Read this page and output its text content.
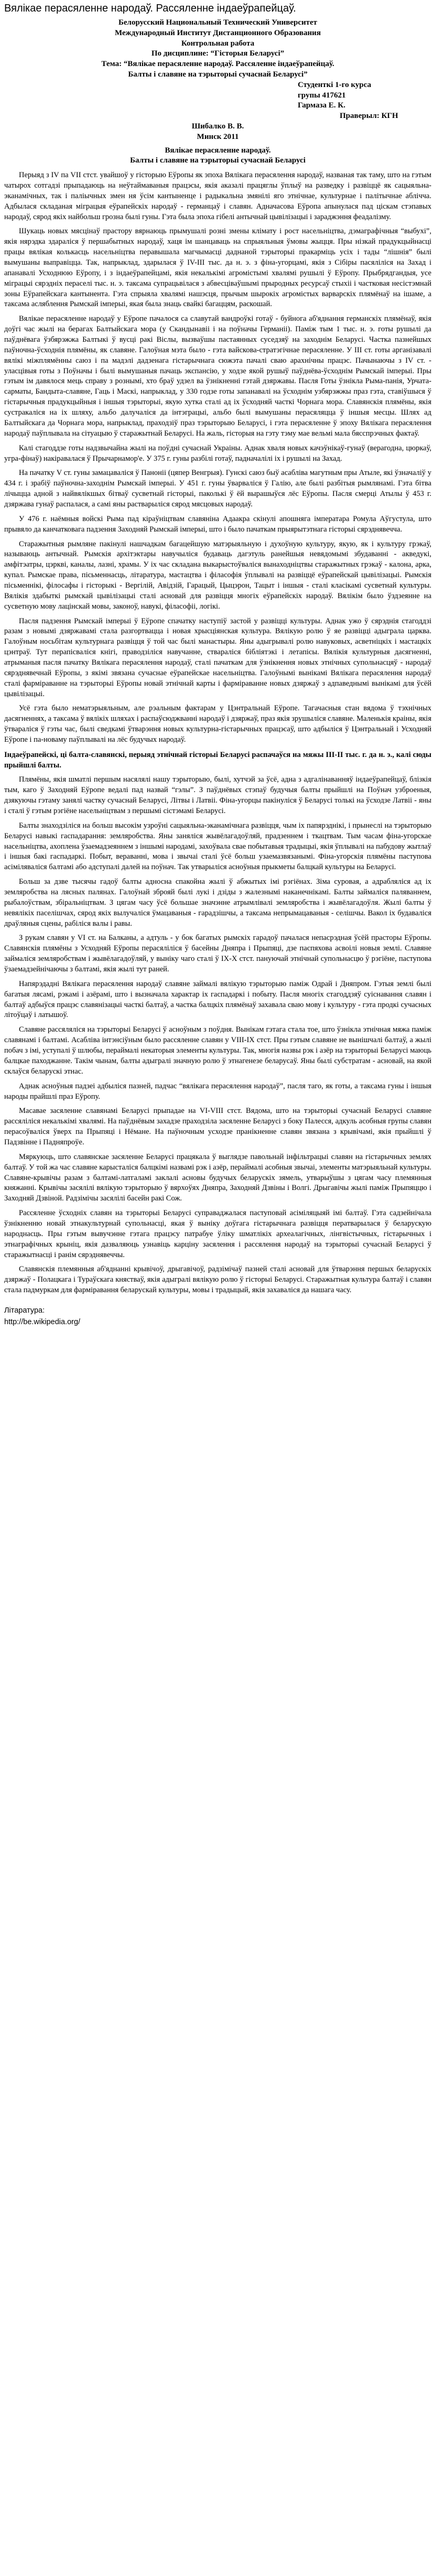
Вялікае перасяленне народаў. Рассяленне індаеўрапейцаў.
Белорусский Национальный Технический Университет
Международный Институт Дистанционного Образования
Контрольная работа
По дисциплине: “Гісторыя Беларусі”
Тема: “Вялікае перасяленне народаў. Рассяленне індаеўрапейцаў.
Балты і славяне на тэрыторыі сучаснай Беларусі”
Студенткі 1-го курса
групы 417621
Гармаза Е. К.
Праверыл: КГН
Шибалко В. В.
Минск 2011
Вялікае перасяленне народаў.
Балты і славяне на тэрыторыі сучаснай Беларусі

Перыяд з IV па VII стст. увайшоў у гісторыю Еўропы як эпоха Вялікага перасялення народаў, названая так таму, што на гэтым чатырох сотгадзі прыпадаюць на неўтаймаваныя працэсы, якія аказалі працяглы ўплыў на разведку і развіццё як сацыяльна-эканамічных, так і паліычных змен ня ўсім кантыненце і радыкальна змянілі яго этнічнае, культурнае і палітычнае аблічча. Адбылася складаная міграцыя еўрапейскіх народаў - германцаў і славян. Адначасова Еўропа апынулася пад ціскам стэпавых народаў, сярод якіх найбольш грозна былі гуны. Гэта была эпоха гібелі антычнай цывілізацыі і зараджэння феадалізму.

Шукаць новых мясцінаў прастору вярнаюць прымушалі розні змены клімату і рост насельніцтва, дэмаграфічныя “выбухі”, якія нярэдка здараліся ў першабытных народаў, хаця ім шанцаваць на спрыяльныя ўмовы жыцця. Пры нізкай прадукцыйнасці працы вялікая колькасць насельніцтва перавышала магчымасці даднаной тэрыторыі пракарміць усіх і тады “лішнія” былі вымушаны выправіцца. Так, напрыклад, здарылася ў IV-III тыс. да н. э. з фіна-угорцамі, якія з Сібіры пасяліліся на Захад і апанавалі Усходнюю Еўропу, і з індаеўрапейцамі, якія некалькімі агромістымі хвалямі рушылі ў Еўропу. Прыбрядгандыя, усе міграцыі сярэдніх пераселі тыс. н. э. таксама супрацьвілася з абвесціваўшымі прыродных ресурсаў стыхіі і частковая несістэмнай зоны Еўрапейскага кантынента. Гэта спрыяла хвалямі нашэсця, прычым шырокіх агромістых варварскіх плямёнаў на ішаме, а таксама асляблення Рымскай імперыі, якая была знаць свайкі багаццям, раскошай.

Вялікае перасяленне народаў у Еўропе пачалося са славутай вандроўкі готаў - буйнога аб'яднання германскіх плямёнаў, якія доўгі час жылі на берагах Балтыйскага мора (у Скандынавіі і на поўначы Германіі). Паміж тым 1 тыс. н. э. готы рушылі да паўднёвага ўзбярэжжа Балтыкі ў вусці ракі Віслы, вызваўшы пастаянных суседзяў на заходнім Беларусі. Частка пазнейшых паўночна-ўсходнія плямёны, як славяне. Галоўная мэта было - гэта вайскова-стратэгічнае перасяленне. У III ст. готы арганізавалі вялікі міжплямённы саюз і па мадэлі дадзенага гістарычнага сюжэта пачалі сваю арахнічны працэс. Пачынаючы з IV ст. - уласцівыя готы з Поўначы і былі вымушаныя пачаць экспансію, у ходзе якой рушыў паўднёва-ўсходнім Рымскай імперыі. Пры гэтым ім давялося мець справу з рознымі, хто браў удзел ва ўзнікненні гэтай дзяржавы. Пасля Готы ўзнікла Рыма-панія, Урчата-сарматы, Бандыта-славяне, Гаць і Маскі, напрыклад, у 330 годзе готы запанавалі на ўсходнім узбярэжжы праз гэта, ставіўшыся ў гістарычныя прадукцыйныя і іншыя тэрыторыі, якую хутка сталі ад іх ўсходняй часткі Чорнага мора. Славянскія плямёны, якія сустракаліся на іх шляху, альбо далучаліся да інтэграцыі, альбо былі вымушаны перасяляцца ў іншыя месцы. Шлях ад Балтыйскага да Чорнага мора, напрыклад, праходзіў праз тэрыторыю Беларусі, і гэта перасяленне ў эпоху Вялікага перасялення народаў паўплывала на сітуацыю ў старажытнай Беларусі. На жаль, гісторыя на гэту тэму мае вельмі мала бясспрэчных фактаў.

Калі стагоддзе готы надзвычайна жылі на поўдні сучаснай Украіны. Аднак хваля новых качэўнікаў-гунаў (верагодна, цюркаў, угра-фінаў) накіравалася ў Прычарнамор'е. У 375 г. гуны разбілі готаў, падначалілі іх і рушылі на Захад.

На пачатку V ст. гуны замацаваліся ў Паноніі (цяпер Венгрыя). Гунскі саюз быў асабліва магутным пры Атыле, які ўзначаліў у 434 г. і зрабіў паўночна-заходнім Рымскай імперыі. У 451 г. гуны ўварваліся ў Галію, але былі разбітыя рымлянамі. Гэта бітва лічыцца адной з найвялікшых бітваў сусветнай гісторыі, паколькі ў ёй вырашыўся лёс Еўропы. Пасля смерці Атылы ў 453 г. дзяржава гунаў распалася, а самі яны растварыліся сярод мясцовых народаў.

У 476 г. наёмныя войскі Рыма пад кіраўніцтвам славяніна Адаакра скінулі апошняга імператара Ромула Аўгустула, што прывяло да канчатковага падзення Заходняй Рымскай імперыі, што і было пачаткам прыярытэтнага гісторыі сярэднявечча.

Старажытныя рымляне пакінулі нашчадкам багацейшую матэрыяльную і духоўную культуру, якую, як і культуру грэкаў, называюць антычнай. Рымскія архітэктары навучыліся будаваць дагэтуль ранейшыя невядомымі збудаванні - акведукі, амфітэатры, цэркві, каналы, лазні, храмы. У іх час складана выкарыстоўваліся вынаходніцтвы старажытных грэкаў - калона, арка, купал. Рымскае права, пісьменнасць, літаратура, мастацтва і філасофія ўплывалі на развіццё еўрапейскай цывілізацыі. Рымскія пісьменнікі, філосафы і гісторыкі - Вергілій, Авідзій, Гарацый, Цыцэрон, Тацыт і іншыя - сталі класікамі сусветнай культуры. Вялікія здабыткі рымскай цывілізацыі сталі асновай для развіцця многіх еўрапейскіх народаў. Вялікім было ўздзеянне на сусветную мову лацінскай мовы, законоў, навукі, філасофіі, логікі.

Пасля падзення Рымскай імперыі ў Еўропе спачатку наступіў застой у развіцці культуры. Аднак ужо ў сярэднія стагоддзі разам з новымі дзяржавамі стала разгортвацца і новая хрысціянская культура. Вялікую ролю ў яе развіцці адыграла царква. Галоўным носьбітам культурнага развіцця ў той час былі манастыры. Яны адыгрывалі ролю навуковых, асветніцкіх і мастацкіх цэнтраў. Тут перапісваліся кнігі, праводзіліся навучанне, ствараліся бібліятэкі і летапісы. Вялікія культурныя дасягненні, атрыманыя пасля пачатку Вялікага перасялення народаў, сталі пачаткам для ўзнікнення новых этнічных супольнасцяў - народаў сярэднявечнай Еўропы, з якімі звязана сучаснае еўрапейскае насельніцтва. Галоўнымі вынікамі Вялікага перасялення народаў сталі фарміраванне на тэрыторыі Еўропы новай этнічнай карты і фарміраванне новых дзяржаў з адпаведнымі вынікамі для ўсёй цывілізацыі.

Усё гэта было нематэрыяльным, але рэальным фактарам у Цэнтральнай Еўропе. Тагачасныя стан вядома ў тэхнічных дасягненнях, а таксама ў вялікіх шляхах і распаўсюджванні народаў і дзяржаў, праз якія зрушыліся славяне. Маленькія краіны, якія ўтвараліся ў гэты час, былі сведкамі ўтварэння новых культурна-гістарычных працэсаў, што адбыліся ў Цэнтральнай і Усходняй Еўропе і па-новаму паўплывалі на лёс будучых народаў.

Індаеўрапейскі, ці балта-славянскі, перыяд этнічнай гісторыі Беларусі распачаўся на мяжы III-II тыс. г. да н. э., калі сюды прыйшлі балты.

Плямёны, якія шматлі першым насялялі нашу тэрыторыю, былі, хутчэй за ўсё, адна з адгалінаванняў індаеўрапейцаў, блізкія тым, каго ў Заходняй Еўропе ведалі пад назвай “гэлы”. З паўднёвых стэпаў будучыя балты прыйшлі на Поўнач узброеныя, дзякуючы гэтаму занялі частку сучаснай Беларусі, Літвы і Латвіі. Фіна-угорцы пакінуліся ў Беларусі толькі на ўсходзе Латвіі - яны і сталі ў гэтым рэгіёне насельніцтвам з першымі сістэмамі Беларусі.

Балты знаходзіліся на больш высокім узроўні сацыяльна-эканамічнага развіцця, чым іх папярэднікі, і прынеслі на тэрыторыю Беларусі навыкі гаспадарання: земляробства. Яны заняліся жывёлагадоўляй, прадзеннем і ткацтвам. Тым часам фіна-угорскае насельніцтва, ахоплена ўзаемадзеяннем з іншымі народамі, захоўвала свае побытавыя традыцыі, якія ўплывалі на пабудову жытлаў і іншыя бакі гаспадаркі. Побыт, вераванні, мова і звычаі сталі ўсё больш узаемазвязанымі. Фіна-угорскія плямёны паступова асіміляваліся балтамі або адступалі далей на поўнач. Так утварыліся асноўныя прыкметы балцкай культуры на Беларусі.

Больш за дзве тысячы гадоў балты адносна спакойна жылі ў абжытых імі рэгіёнах. Зіма суровая, а адрабляліся ад іх земляробства на лясных палянах. Галоўнай зброяй былі лукі і дзіды з жалезнымі наканечнікамі. Балты займаліся паляваннем, рыбалоўствам, збіральніцтвам. З цягам часу ўсё большае значэнне атрымлівалі земляробства і жывёлагадоўля. Жылі балты ў невялікіх паселішчах, сярод якіх вылучаліся ўмацаваныя - гарадзішчы, а таксама непрымацаваныя - селішчы. Вакол іх будаваліся драўляныя сцены, рабіліся валы і равы.

З рукам славян у VI ст. на Балканы, а адтуль - у бок багатых рымскіх гарадоў пачалася непасрэдная ўсёй прасторы Еўропы. Славянскія плямёны з Усходняй Еўропы перасяліліся ў басейны Дняпра і Прыпяці, дзе паспяхова асвоілі новыя землі. Славяне займаліся земляробствам і жывёлагадоўляй, у выніку чаго сталі ў IX-X стст. пануючай этнічнай супольнасцю ў рэгіёне, паступова ўзаемадзейнічаючы з балтамі, якія жылі тут раней.

Напярэдадні Вялікага перасялення народаў славяне займалі вялікую тэрыторыю паміж Одрай і Дняпром. Гэтыя землі былі багатыя лясамі, рэкамі і азёрамі, што і вызначала характар іх гаспадаркі і побыту. Пасля многіх стагоддзяў суіснавання славян і балтаў адбыўся працэс славянізацыі часткі балтаў, а частка балцкіх плямёнаў захавала сваю мову і культуру - гэта продкі сучасных літоўцаў і латышоў.

Славяне рассяляліся на тэрыторыі Беларусі ў асноўным з поўдня. Вынікам гэтага стала тое, што ўзнікла этнічная мяжа паміж славянамі і балтамі. Асабліва інтэнсіўным было рассяленне славян у VIII-IX стст. Пры гэтым славяне не вынішчалі балтаў, а жылі побач з імі, уступалі ў шлюбы, пераймалі некаторыя элементы культуры. Так, многія назвы рэк і азёр на тэрыторыі Беларусі маюць балцкае паходжанне. Такім чынам, балты адыгралі значную ролю ў этнагенезе беларусаў. Яны былі субстратам - асновай, на якой склаўся беларускі этнас.

Аднак асноўныя падзеі адбыліся пазней, падчас “вялікага перасялення народаў”, пасля таго, як готы, а таксама гуны і іншыя народы прайшлі праз Еўропу.

Масавае засяленне славянамі Беларусі прыпадае на VI-VIII стст. Вядома, што на тэрыторыі сучаснай Беларусі славяне рассяліліся некалькімі хвалямі. На паўднёвым захадзе праходзіла засяленне Беларусі з боку Палесся, адкуль асобныя групы славян перасоўваліся ўверх па Прыпяці і Нёмане. На паўночным усходзе пранікненне славян звязана з крывічамі, якія прыйшлі ў Падзвінне і Падняпроўе.

Мяркуюць, што славянскае засяленне Беларусі працякала ў выглядзе павольнай інфільтрацыі славян на гістарычных землях балтаў. У той жа час славяне карысталіся балцкімі назвамі рэк і азёр, пераймалі асобныя звычаі, элементы матэрыяльнай культуры. Славяне-крывічы разам з балтамі-латгаламі заклалі асновы будучых беларускіх зямель, утварыўшы з цягам часу племянныя княжанні. Крывічы засялілі вялікую тэрыторыю ў вярхоўях Дняпра, Заходняй Дзвіны і Волгі. Дрыгавічы жылі паміж Прыпяццю і Заходняй Дзвіной. Радзімічы засялілі басейн ракі Сож.

Рассяленне ўсходніх славян на тэрыторыі Беларусі суправаджалася паступовай асіміляцыяй імі балтаў. Гэта садзейнічала ўзнікненню новай этнакультурнай супольнасці, якая ў выніку доўгага гістарычнага развіцця ператварылася ў беларускую народнасць. Пры гэтым вывучэнне гэтага працэсу патрабуе ўліку шматлікіх археалагічных, лінгвістычных, гістарычных і этнаграфічных крыніц, якія дазваляюць узнавіць карціну засялення і рассялення народаў на тэрыторыі сучаснай Беларусі ў старажытнасці і ранім сярэднявеччы.

Славянскія племянныя аб'яднанні крывічоў, дрыгавічоў, радзімічаў пазней сталі асновай для ўтварэння першых беларускіх дзяржаў - Полацкага і Тураўскага княстваў, якія адыгралі вялікую ролю ў гісторыі Беларусі. Старажытная культура балтаў і славян стала падмуркам для фарміравання беларускай культуры, мовы і традыцый, якія захаваліся да нашага часу.

Літаратура:
http://be.wikipedia.org/
